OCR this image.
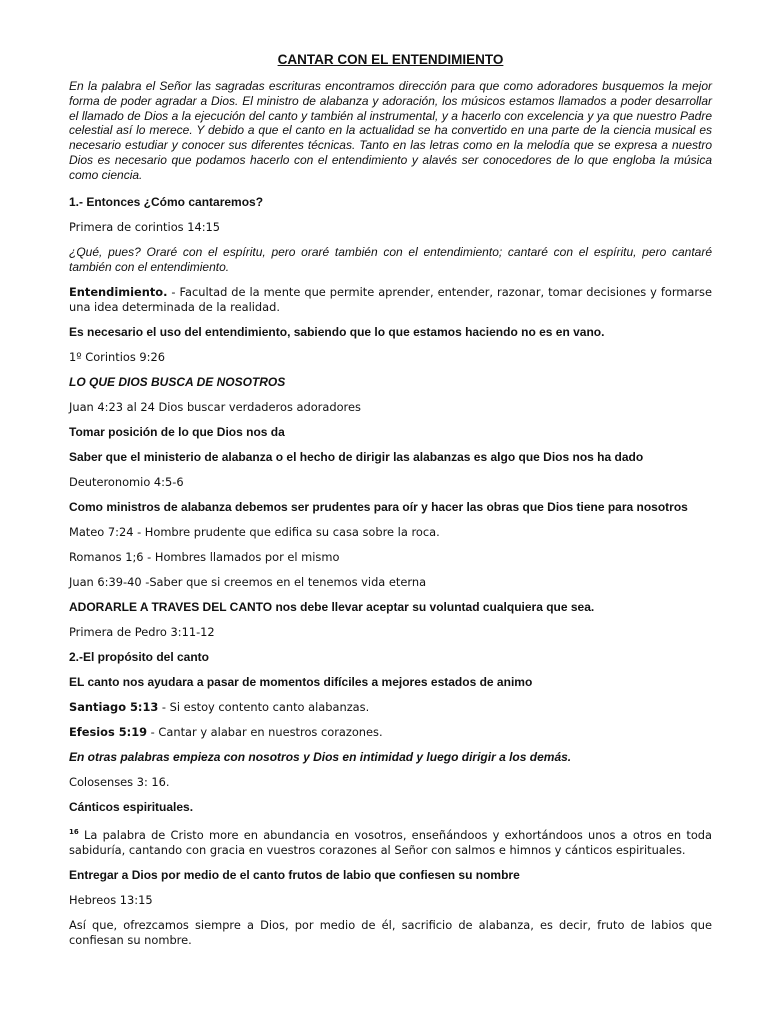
CANTAR CON EL ENTENDIMIENTO

En la palabra el Señor las sagradas escrituras encontramos dirección para que como adoradores busquemos la mejor forma de poder agradar a Dios. El ministro de alabanza y adoración, los músicos estamos llamados a poder desarrollar el llamado de Dios a la ejecución del canto y también al instrumental, y a hacerlo con excelencia y ya que nuestro Padre celestial así lo merece. Y debido a que el canto en la actualidad se ha convertido en una parte de la ciencia musical es necesario estudiar y conocer sus diferentes técnicas. Tanto en las letras como en la melodía que se expresa a nuestro Dios es necesario que podamos hacerlo con el entendimiento y alavés ser conocedores de lo que engloba la música como ciencia.

1.- Entonces ¿Cómo cantaremos?

Primera de corintios 14:15

¿Qué, pues? Oraré con el espíritu, pero oraré también con el entendimiento; cantaré con el espíritu, pero cantaré también con el entendimiento.

Entendimiento. - Facultad de la mente que permite aprender, entender, razonar, tomar decisiones y formarse una idea determinada de la realidad.

Es necesario el uso del entendimiento, sabiendo que lo que estamos haciendo no es en vano.

1º Corintios 9:26

LO QUE DIOS BUSCA DE NOSOTROS

Juan 4:23 al 24 Dios buscar verdaderos adoradores

Tomar posición de lo que Dios nos da

Saber que el ministerio de alabanza o el hecho de dirigir las alabanzas es algo que Dios nos ha dado

Deuteronomio 4:5-6

Como ministros de alabanza debemos ser prudentes para oír y hacer las obras que Dios tiene para nosotros

Mateo 7:24 - Hombre prudente que edifica su casa sobre la roca.

Romanos 1;6 - Hombres llamados por el mismo

Juan 6:39-40 -Saber que si creemos en el tenemos vida eterna

ADORARLE A TRAVES DEL CANTO nos debe llevar aceptar su voluntad cualquiera que sea.

Primera de Pedro 3:11-12

2.-El propósito del canto

EL canto nos ayudara a pasar de momentos difíciles a mejores estados de animo

Santiago 5:13 - Si estoy contento canto alabanzas.

Efesios 5:19 - Cantar y alabar en nuestros corazones.

En otras palabras empieza con nosotros y Dios en intimidad y luego dirigir a los demás.

Colosenses 3: 16.

Cánticos espirituales.

$^{16}$ La palabra de Cristo more en abundancia en vosotros, enseñándoos y exhortándoos unos a otros en toda sabiduría, cantando con gracia en vuestros corazones al Señor con salmos e himnos y cánticos espirituales.

Entregar a Dios por medio de el canto frutos de labio que confiesen su nombre

Hebreos 13:15

Así que, ofrezcamos siempre a Dios, por medio de él, sacrificio de alabanza, es decir, fruto de labios que confiesan su nombre.
